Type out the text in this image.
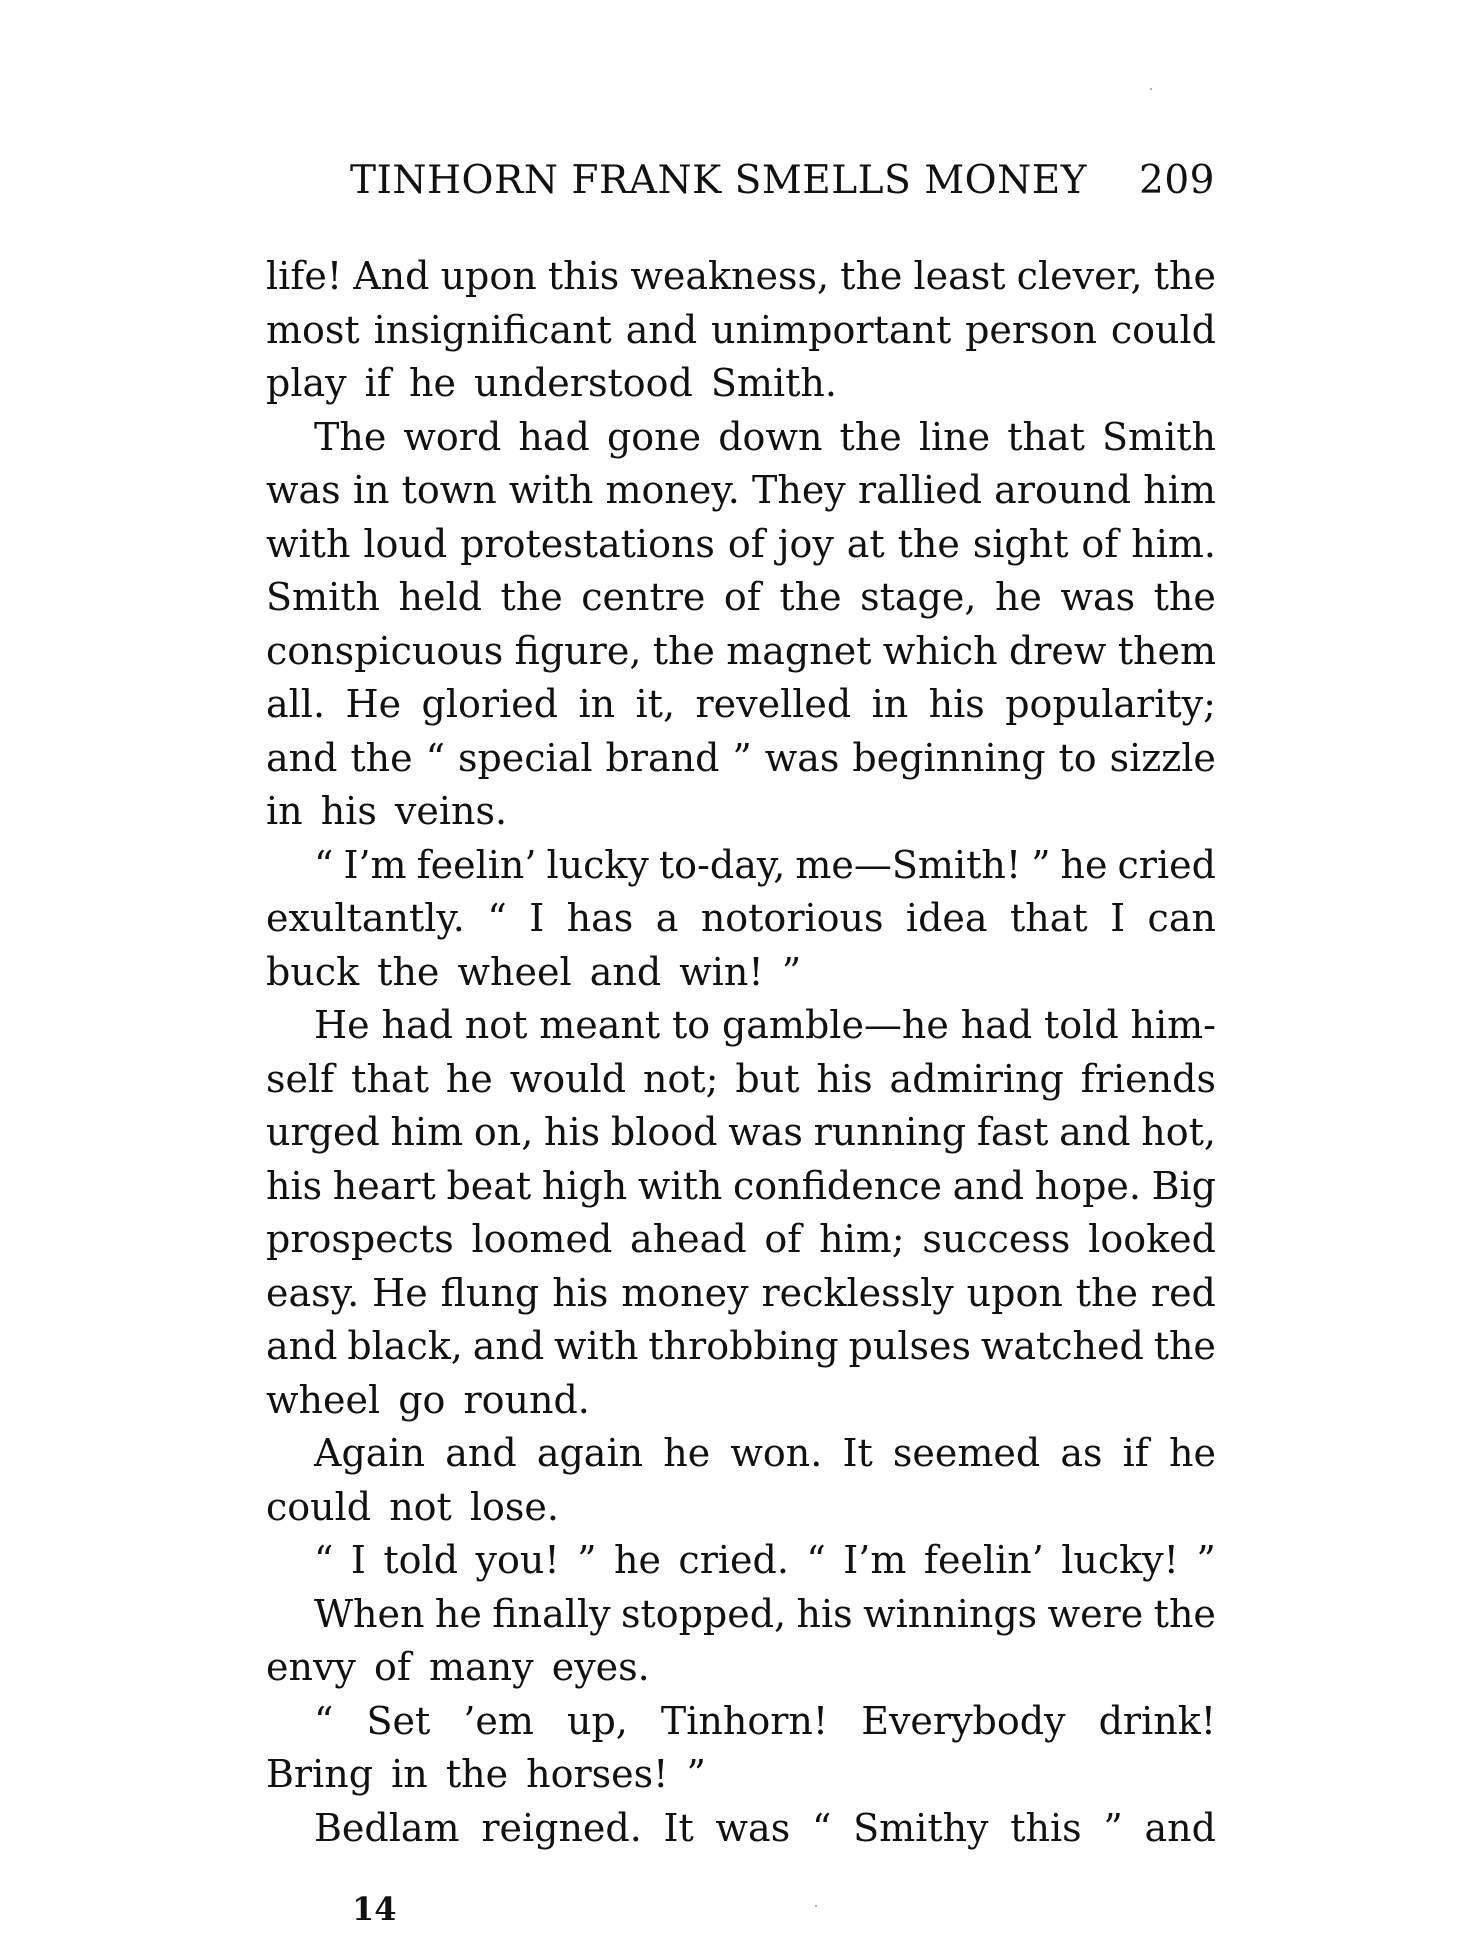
TINHORN FRANK SMELLS MONEY 209
life! And upon this weakness, the least clever, the
most insignificant and unimportant person could
play if he understood Smith.
The word had gone down the line that Smith
was in town with money. They rallied around him
with loud protestations of joy at the sight of him.
Smith held the centre of the stage, he was the
conspicuous figure, the magnet which drew them
all. He gloried in it, revelled in his popularity;
and the “ special brand ” was beginning to sizzle
in his veins.
“ I’m feelin’ lucky to-day, me—Smith! ” he cried
exultantly. “ I has a notorious idea that I can
buck the wheel and win! ”
He had not meant to gamble—he had told him-
self that he would not; but his admiring friends
urged him on, his blood was running fast and hot,
his heart beat high with confidence and hope. Big
prospects loomed ahead of him; success looked
easy. He flung his money recklessly upon the red
and black, and with throbbing pulses watched the
wheel go round.
Again and again he won. It seemed as if he
could not lose.
“ I told you! ” he cried. “ I’m feelin’ lucky! ”
When he finally stopped, his winnings were the
envy of many eyes.
“ Set ’em up, Tinhorn! Everybody drink!
Bring in the horses! ”
Bedlam reigned. It was “ Smithy this ” and
14
